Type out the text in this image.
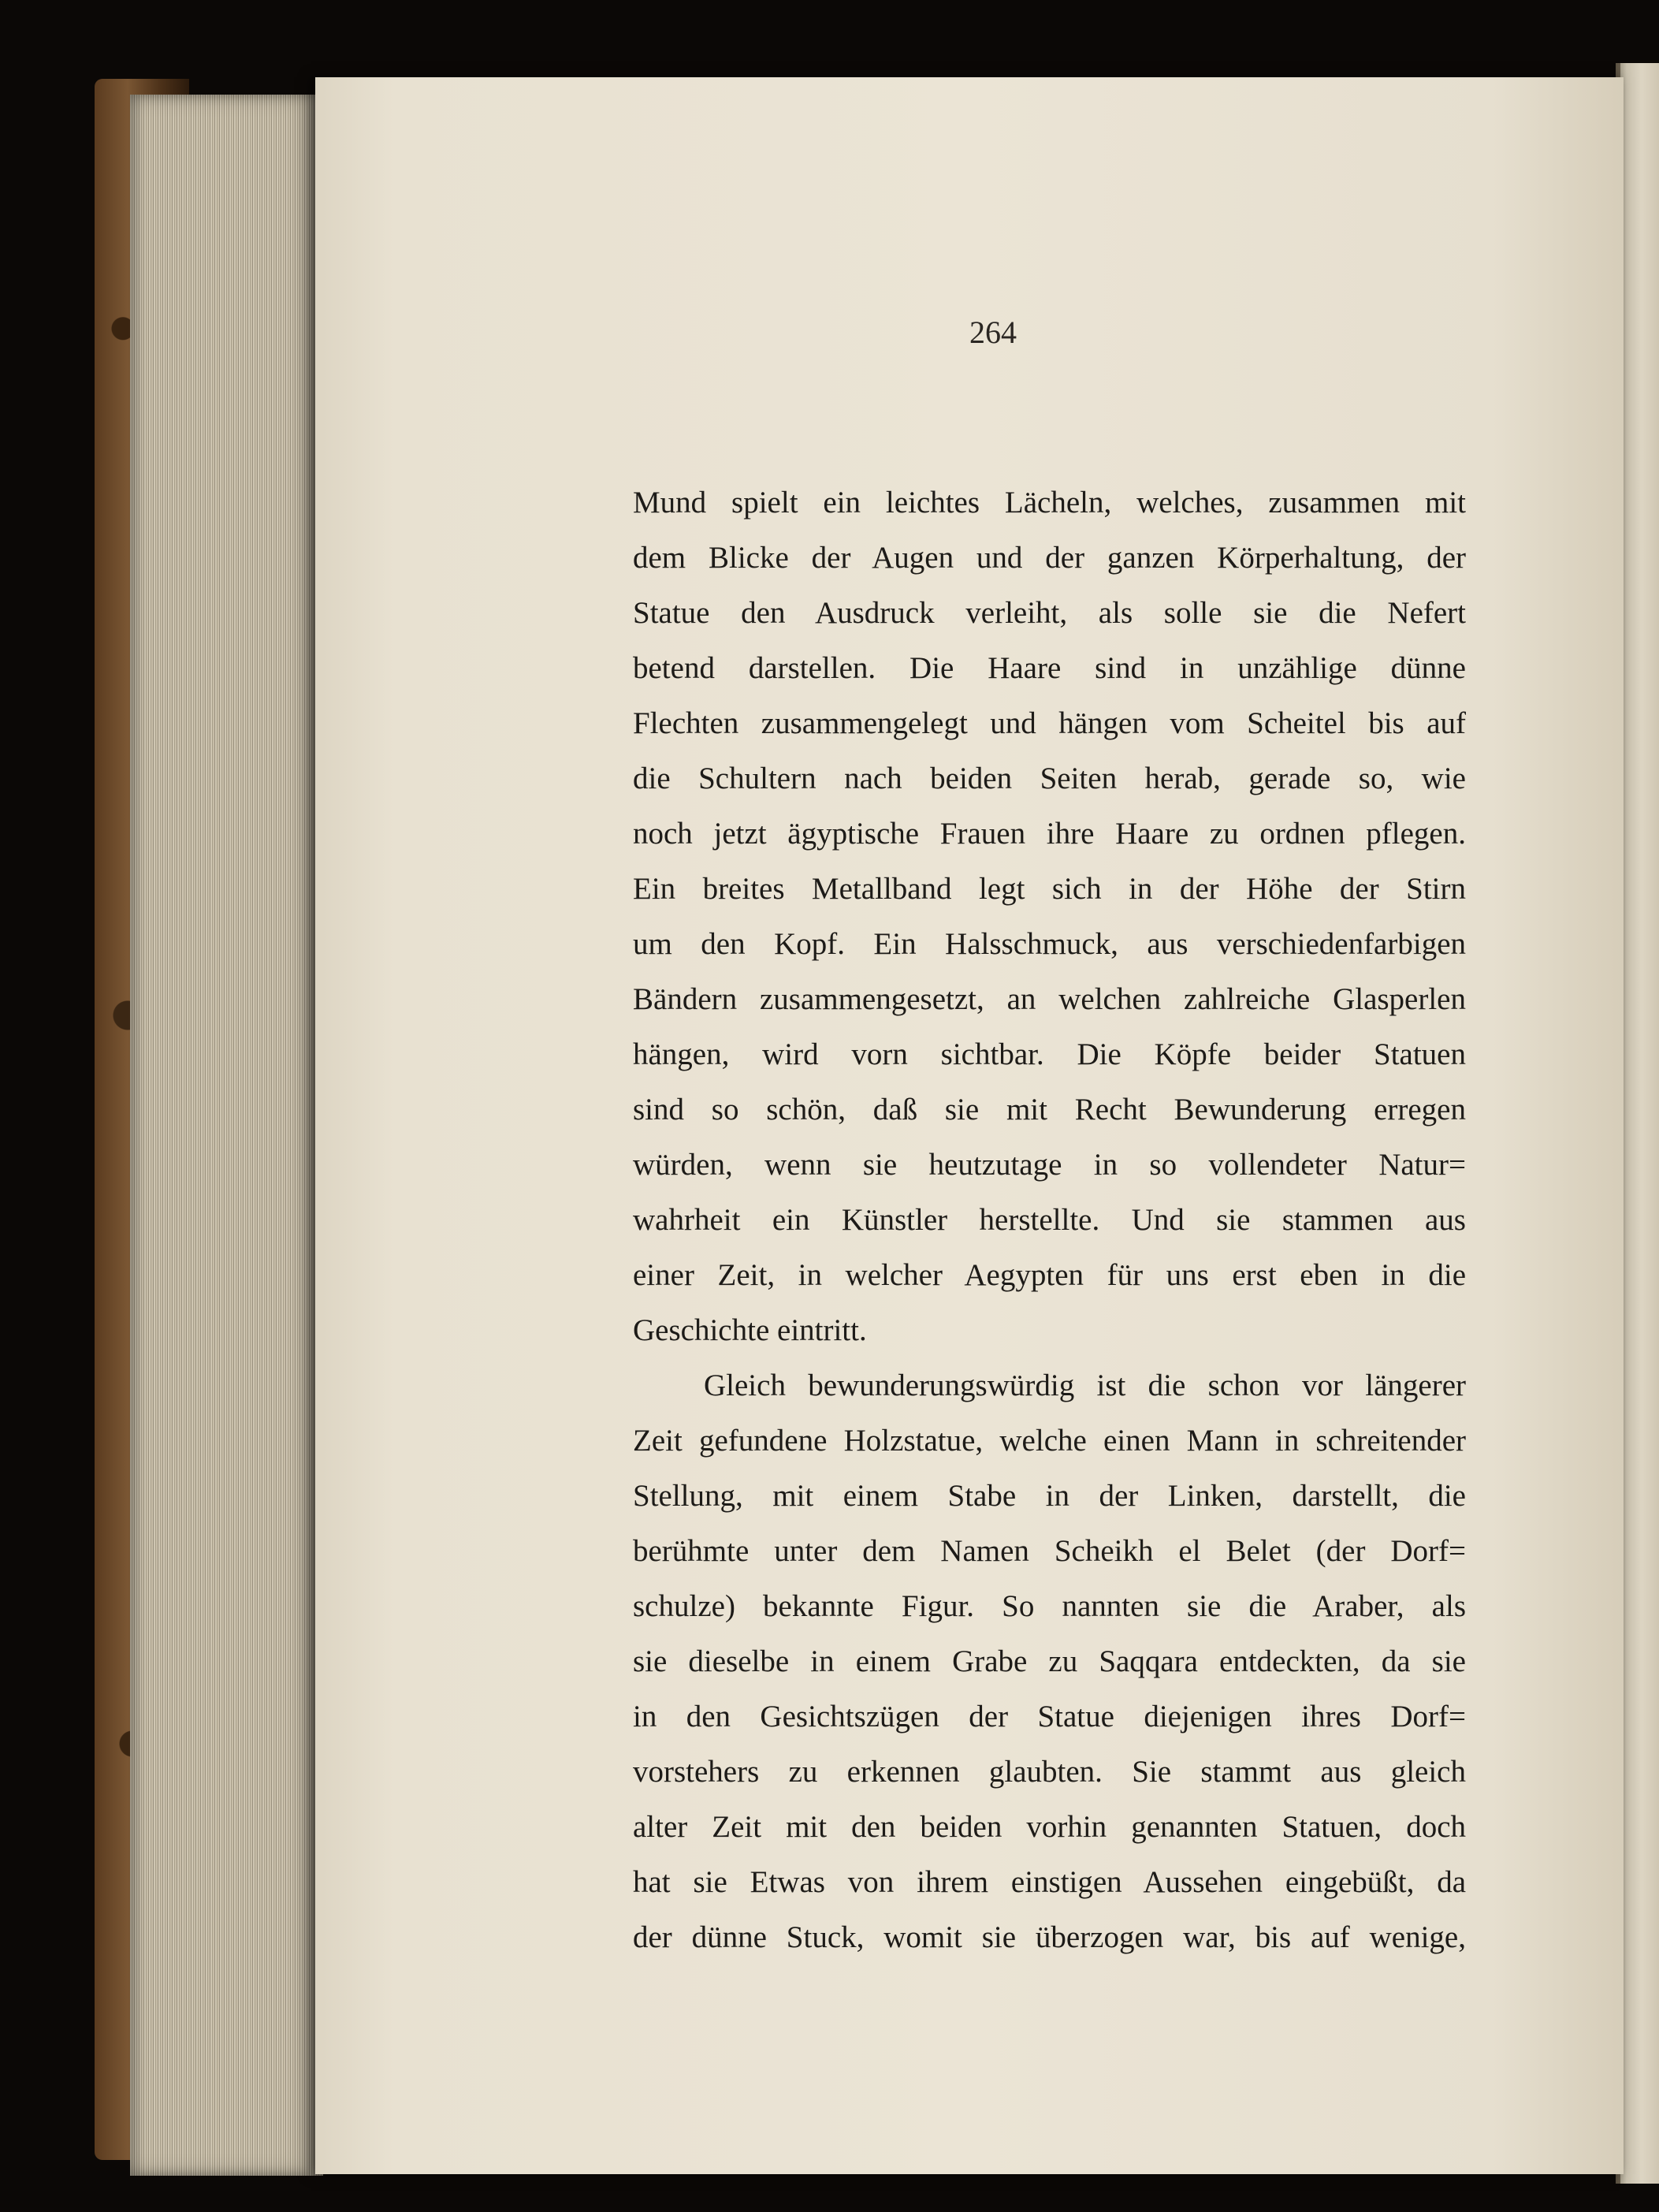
264
Mund spielt ein leichtes Lächeln, welches, zusammen mit
dem Blicke der Augen und der ganzen Körperhaltung, der
Statue den Ausdruck verleiht, als solle sie die Nefert
betend darstellen. Die Haare sind in unzählige dünne
Flechten zusammengelegt und hängen vom Scheitel bis auf
die Schultern nach beiden Seiten herab, gerade so, wie
noch jetzt ägyptische Frauen ihre Haare zu ordnen pflegen.
Ein breites Metallband legt sich in der Höhe der Stirn
um den Kopf. Ein Halsschmuck, aus verschiedenfarbigen
Bändern zusammengesetzt, an welchen zahlreiche Glasperlen
hängen, wird vorn sichtbar. Die Köpfe beider Statuen
sind so schön, daß sie mit Recht Bewunderung erregen
würden, wenn sie heutzutage in so vollendeter Natur=
wahrheit ein Künstler herstellte. Und sie stammen aus
einer Zeit, in welcher Aegypten für uns erst eben in die
Geschichte eintritt.
Gleich bewunderungswürdig ist die schon vor längerer
Zeit gefundene Holzstatue, welche einen Mann in schreitender
Stellung, mit einem Stabe in der Linken, darstellt, die
berühmte unter dem Namen Scheikh el Belet (der Dorf=
schulze) bekannte Figur. So nannten sie die Araber, als
sie dieselbe in einem Grabe zu Saqqara entdeckten, da sie
in den Gesichtszügen der Statue diejenigen ihres Dorf=
vorstehers zu erkennen glaubten. Sie stammt aus gleich
alter Zeit mit den beiden vorhin genannten Statuen, doch
hat sie Etwas von ihrem einstigen Aussehen eingebüßt, da
der dünne Stuck, womit sie überzogen war, bis auf wenige,
